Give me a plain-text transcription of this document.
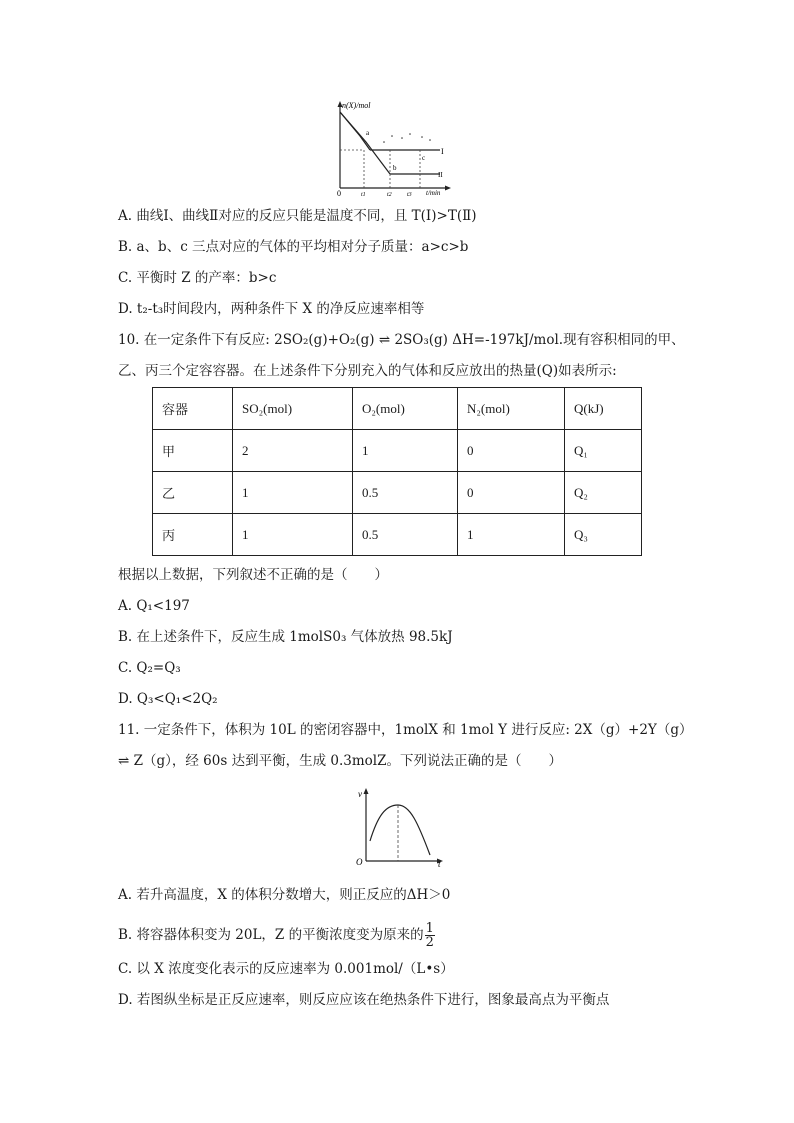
n(X)/mol
t/min
0
a
b
c
I
II
t1	t2	t3
A. 曲线Ⅰ、曲线Ⅱ对应的反应只能是温度不同，且 T(Ⅰ)>T(Ⅱ)
B. a、b、c 三点对应的气体的平均相对分子质量：a>c>b
C. 平衡时 Z 的产率：b>c
D. t₂-t₃时间段内，两种条件下 X 的净反应速率相等
10. 在一定条件下有反应: 2SO₂(g)+O₂(g) ⇌ 2SO₃(g) ΔH=-197kJ/mol.现有容积相同的甲、
乙、丙三个定容容器。在上述条件下分别充入的气体和反应放出的热量(Q)如表所示:
容器	SO₂(mol)	O₂(mol)	N₂(mol)	Q(kJ)
甲	2	1	0	Q₁
乙	1	0.5	0	Q₂
丙	1	0.5	1	Q₃
根据以上数据，下列叙述不正确的是（　　）
A. Q₁<197
B. 在上述条件下，反应生成 1molS0₃ 气体放热 98.5kJ
C. Q₂=Q₃
D. Q₃<Q₁<2Q₂
11. 一定条件下，体积为 10L 的密闭容器中，1molX 和 1mol Y 进行反应: 2X（g）+2Y（g）
⇌ Z（g），经 60s 达到平衡，生成 0.3molZ。下列说法正确的是（　　）
v
t
O
A. 若升高温度，X 的体积分数增大，则正反应的ΔH＞0
B. 将容器体积变为 20L，Z 的平衡浓度变为原来的 $\frac{1}{2}$
C. 以 X 浓度变化表示的反应速率为 0.001mol/（L•s）
D. 若图纵坐标是正反应速率，则反应应该在绝热条件下进行，图象最高点为平衡点
